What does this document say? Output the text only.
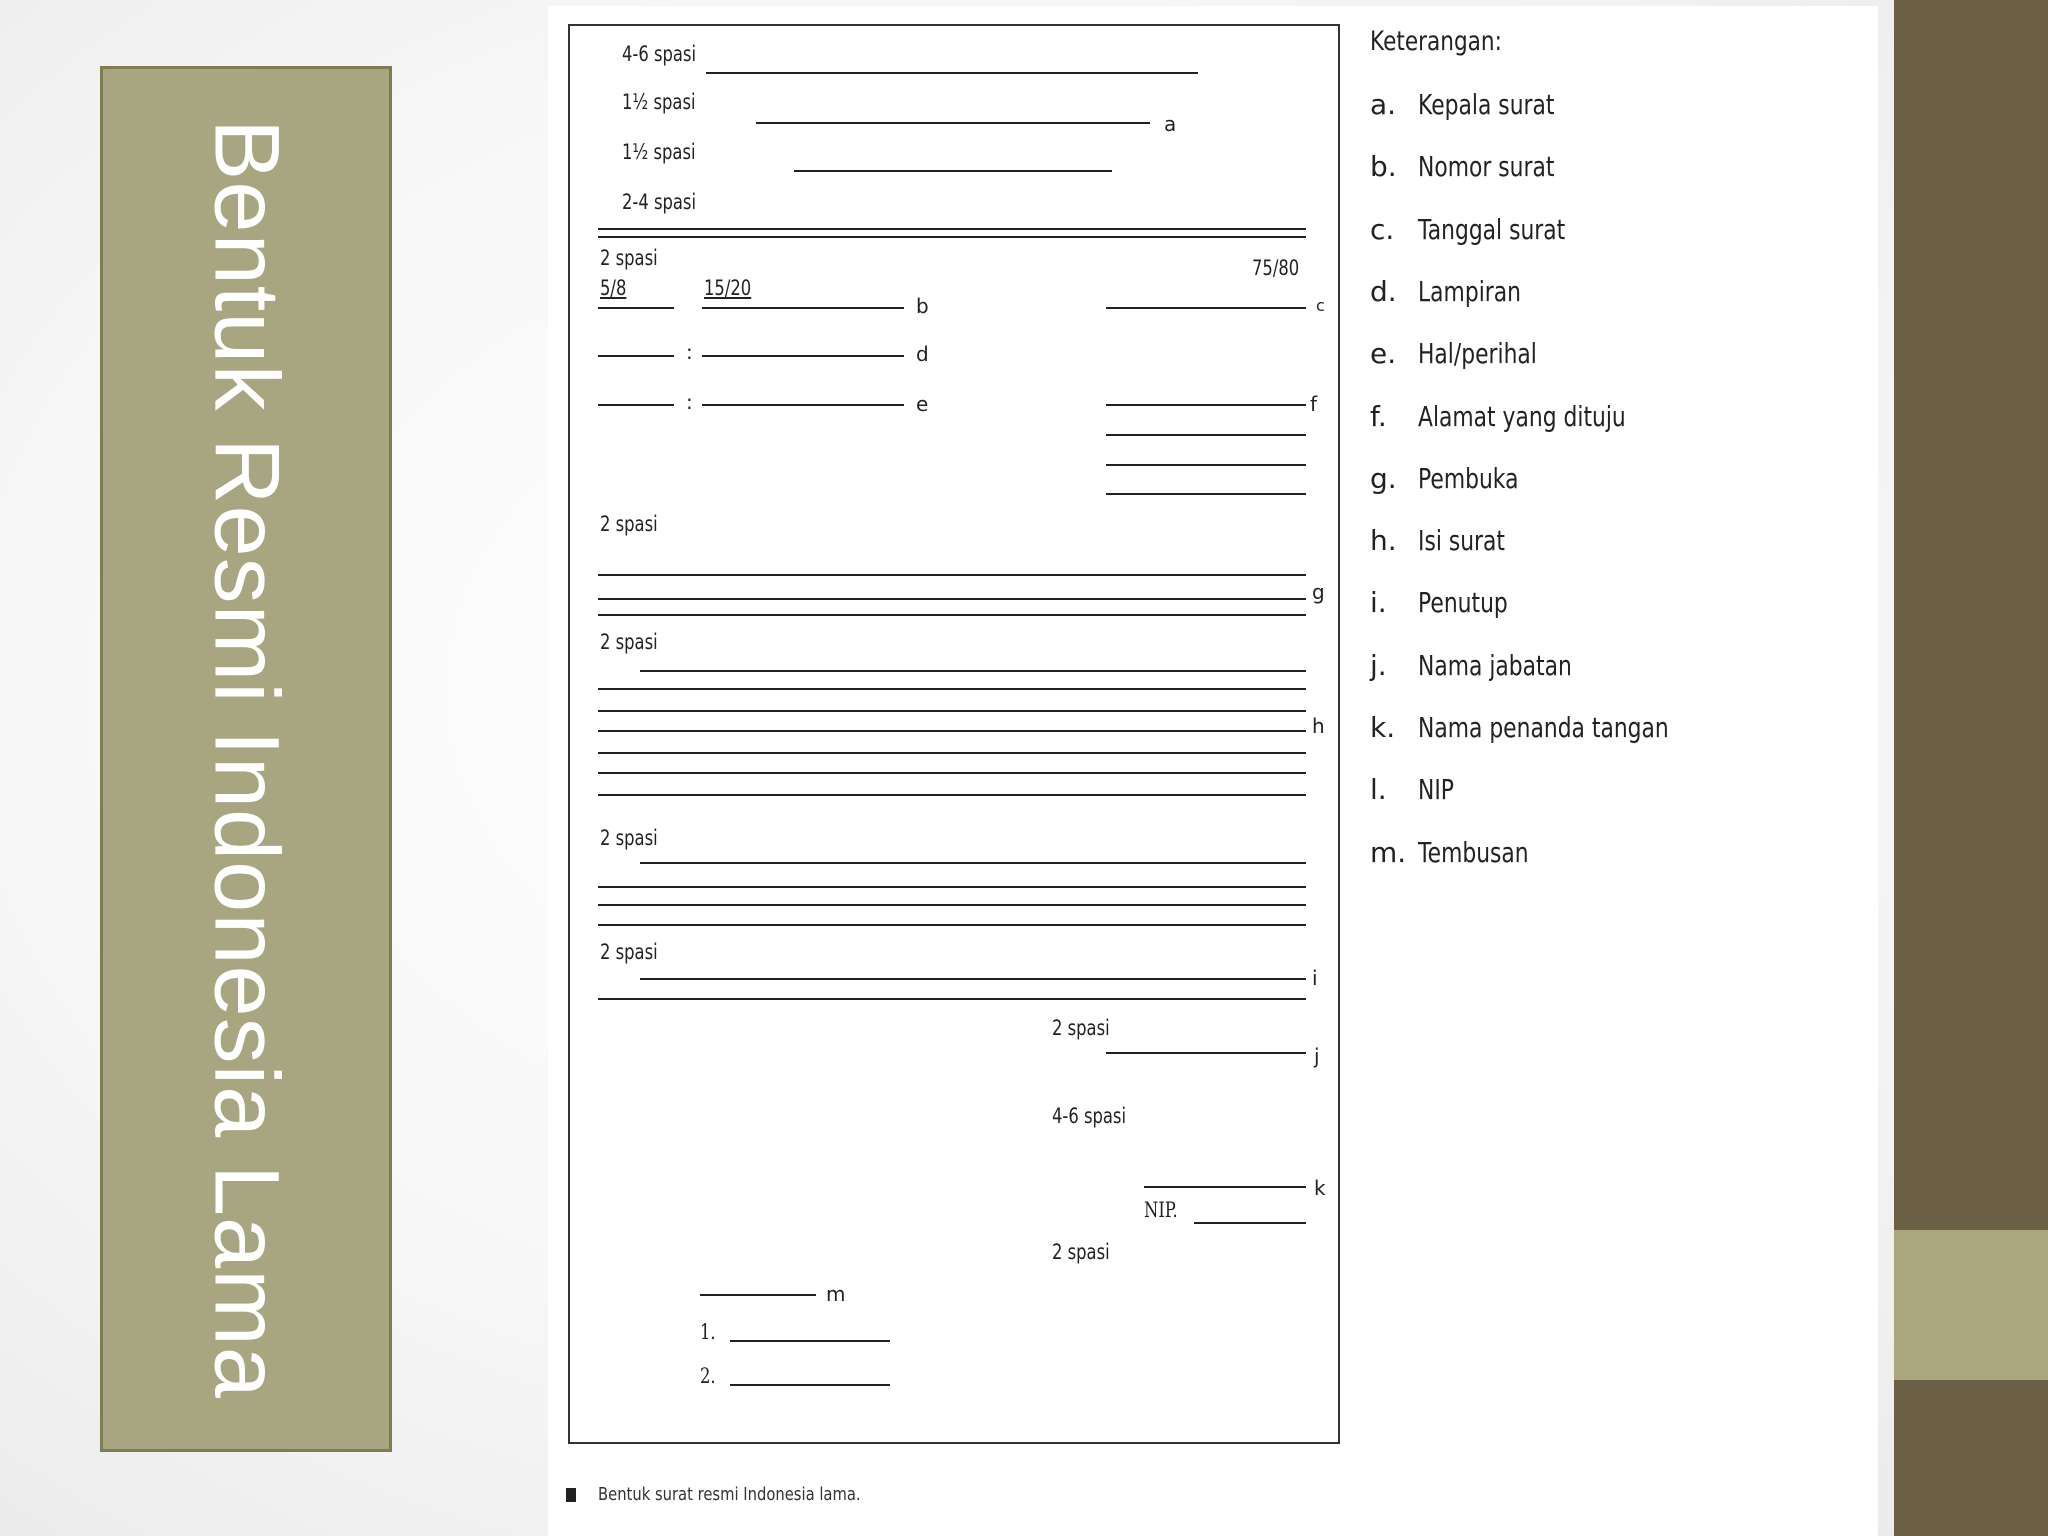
Bentuk Resmi Indonesia Lama
4-6 spasi
1½ spasi
a
1½ spasi
2-4 spasi
2 spasi
5/8	15/20
75/80
b	c
:	d
:	e	f
2 spasi
g
2 spasi
h
2 spasi
2 spasi
i
2 spasi
j
4-6 spasi
k
NIP.
2 spasi
m
1.
2.
Bentuk surat resmi Indonesia lama.
Keterangan:
a. Kepala surat
b. Nomor surat
c. Tanggal surat
d. Lampiran
e. Hal/perihal
f. Alamat yang dituju
g. Pembuka
h. Isi surat
i. Penutup
j. Nama jabatan
k. Nama penanda tangan
l. NIP
m. Tembusan
